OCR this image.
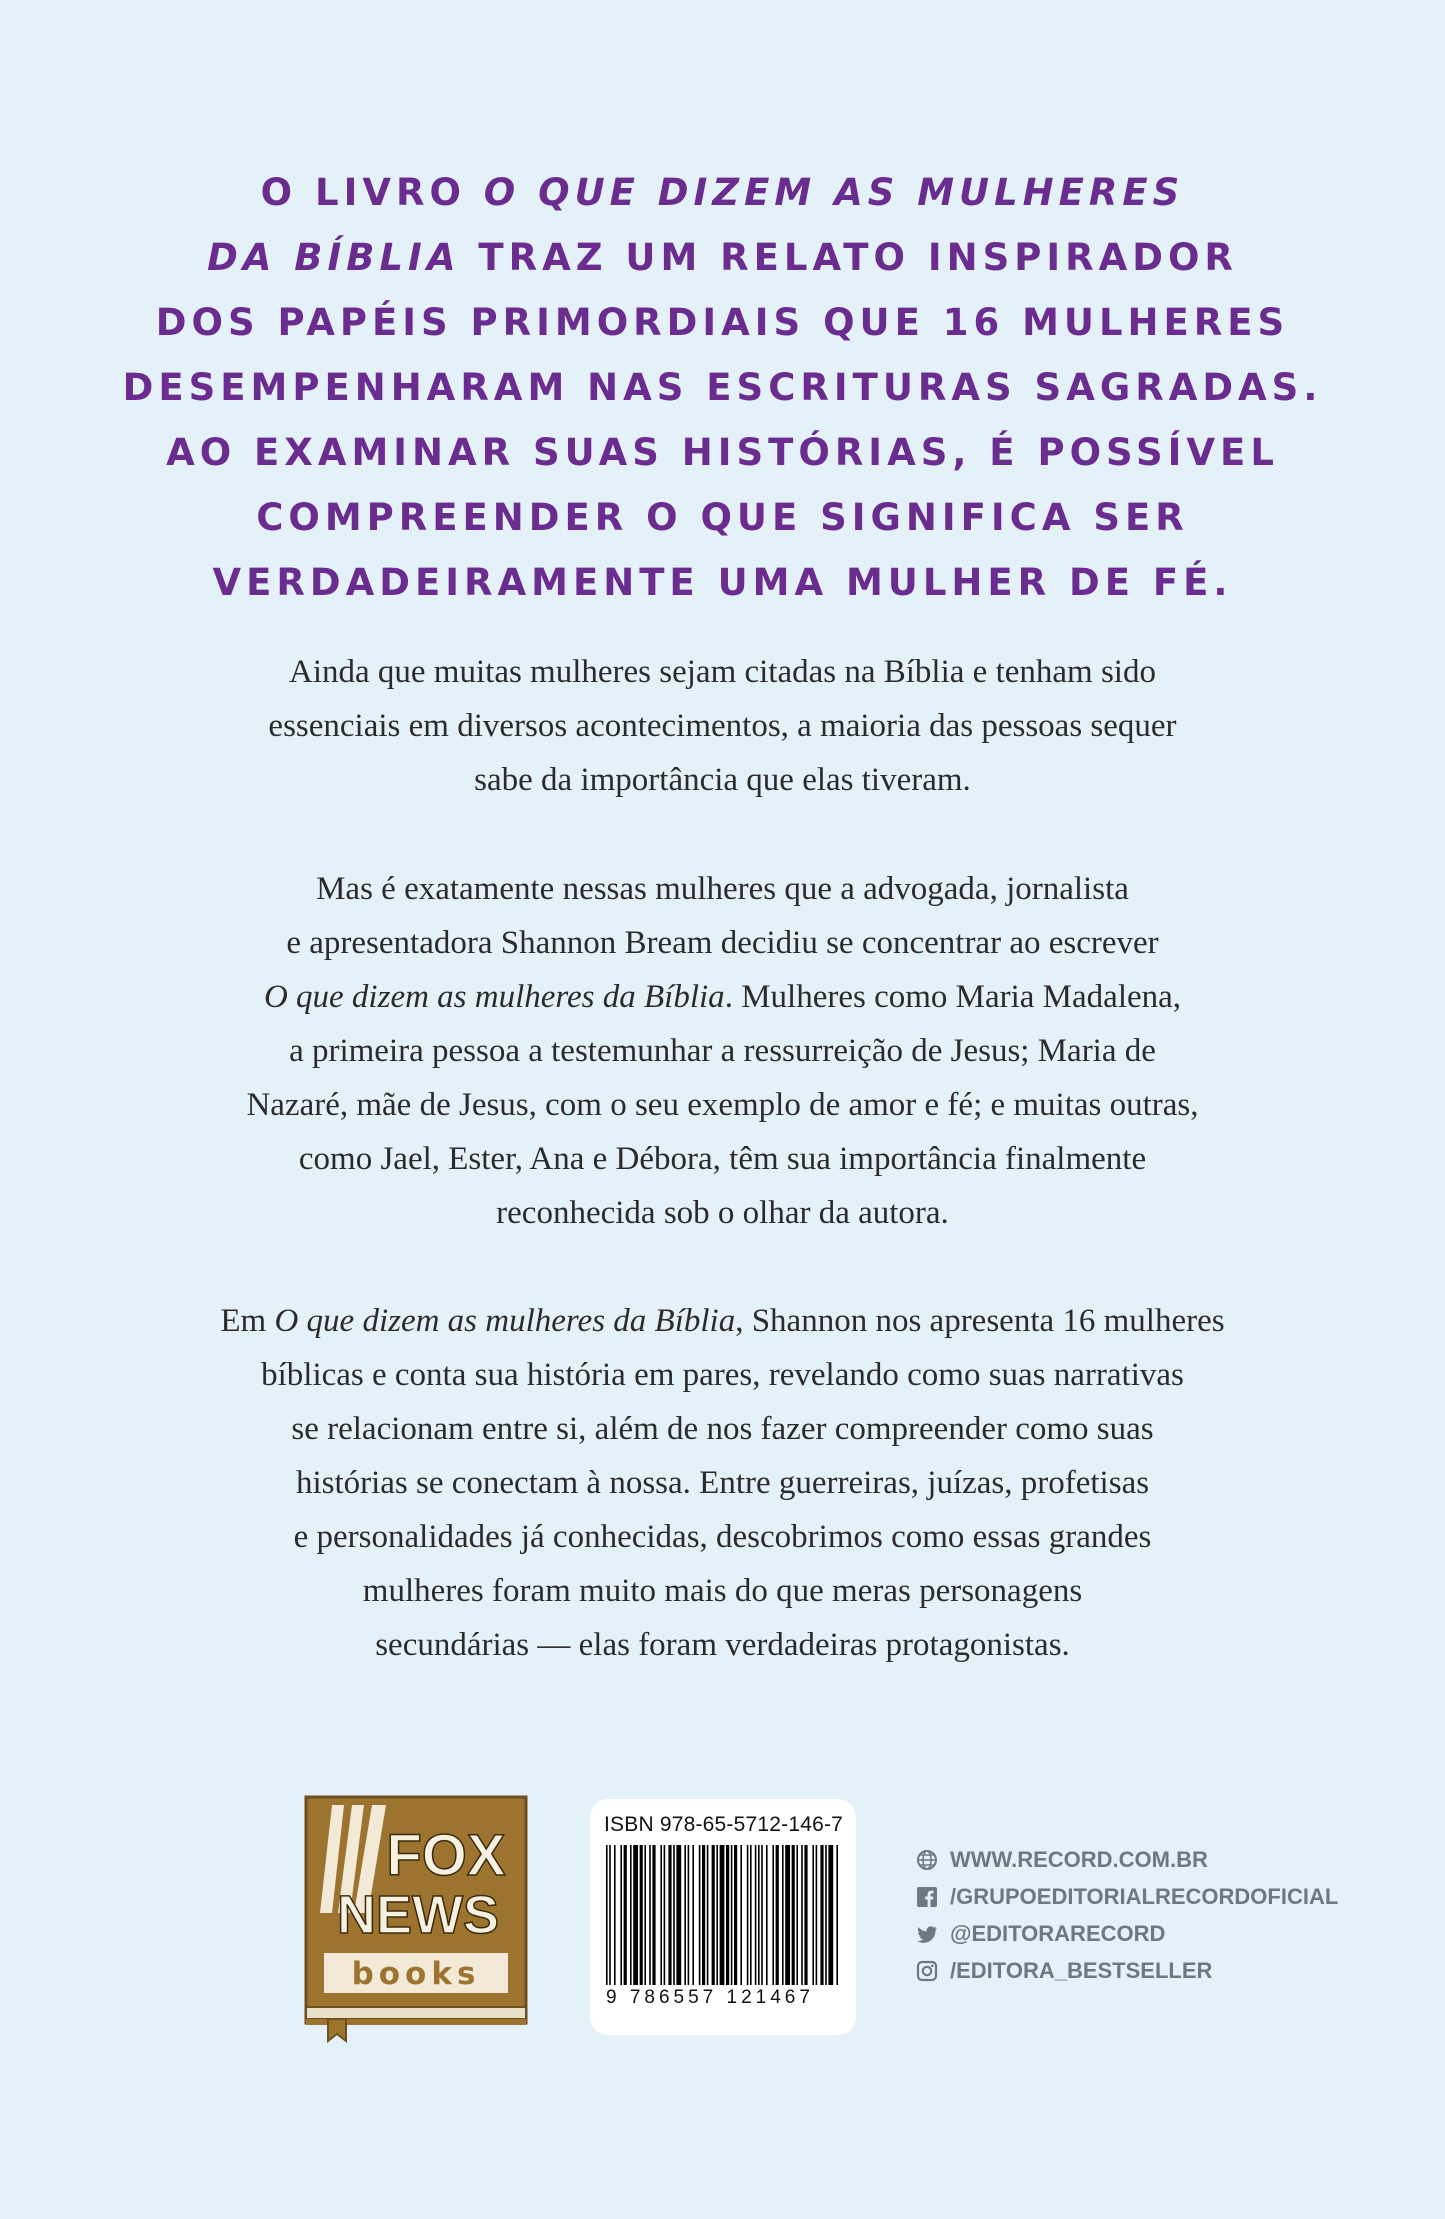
O LIVRO O QUE DIZEM AS MULHERES
DA BÍBLIA TRAZ UM RELATO INSPIRADOR
DOS PAPÉIS PRIMORDIAIS QUE 16 MULHERES
DESEMPENHARAM NAS ESCRITURAS SAGRADAS.
AO EXAMINAR SUAS HISTÓRIAS, É POSSÍVEL
COMPREENDER O QUE SIGNIFICA SER
VERDADEIRAMENTE UMA MULHER DE FÉ.

Ainda que muitas mulheres sejam citadas na Bíblia e tenham sido
essenciais em diversos acontecimentos, a maioria das pessoas sequer
sabe da importância que elas tiveram.

Mas é exatamente nessas mulheres que a advogada, jornalista
e apresentadora Shannon Bream decidiu se concentrar ao escrever
O que dizem as mulheres da Bíblia. Mulheres como Maria Madalena,
a primeira pessoa a testemunhar a ressurreição de Jesus; Maria de
Nazaré, mãe de Jesus, com o seu exemplo de amor e fé; e muitas outras,
como Jael, Ester, Ana e Débora, têm sua importância finalmente
reconhecida sob o olhar da autora.

Em O que dizem as mulheres da Bíblia, Shannon nos apresenta 16 mulheres
bíblicas e conta sua história em pares, revelando como suas narrativas
se relacionam entre si, além de nos fazer compreender como suas
histórias se conectam à nossa. Entre guerreiras, juízas, profetisas
e personalidades já conhecidas, descobrimos como essas grandes
mulheres foram muito mais do que meras personagens
secundárias — elas foram verdadeiras protagonistas.

FOX
NEWS
books
ISBN 978-65-5712-146-7
9 786557 121467
WWW.RECORD.COM.BR
/GRUPOEDITORIALRECORDOFICIAL
@EDITORARECORD
/EDITORA_BESTSELLER
